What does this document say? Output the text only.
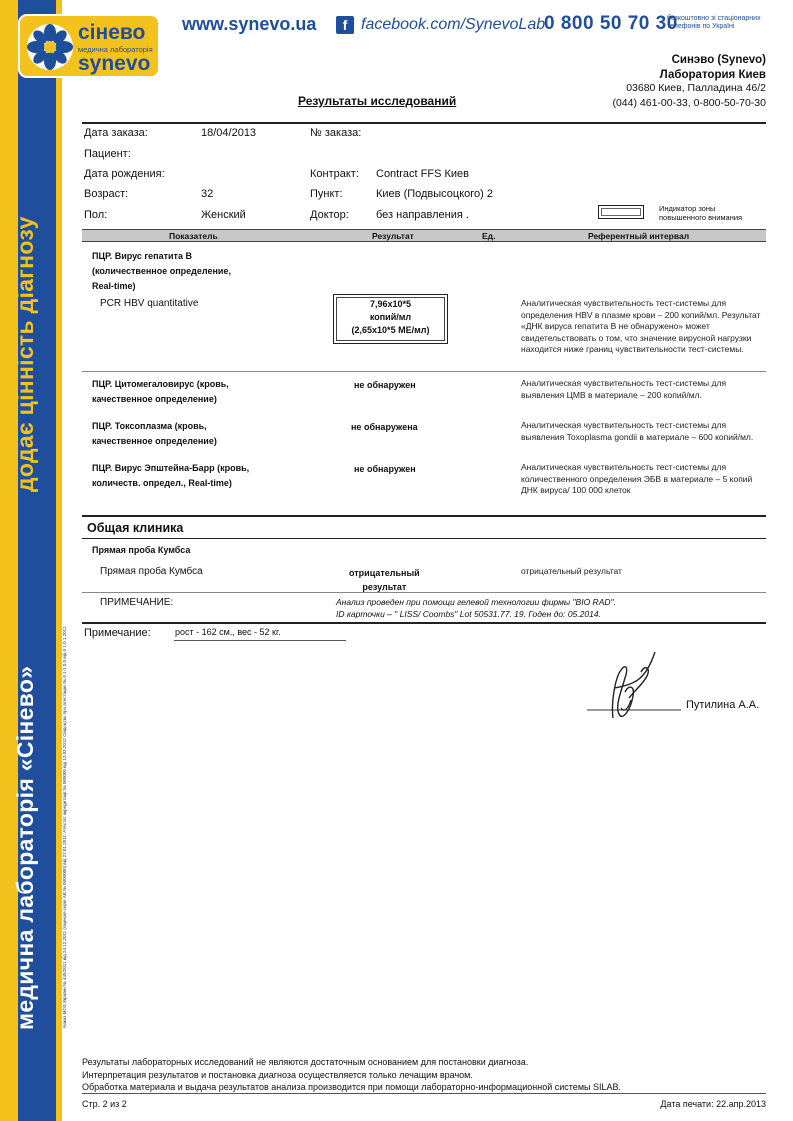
додає цінність діагнозу
медична лабораторія «Сінево»	Наказ МОЗ України № 445/2011 від 24.12.2011 (ліцензія серія АВ № 0000000) від 27.01.2011, Атестат акредитації № 000000 від 12.03.2012 Свідоцтво про атестацію № 0 1-1 0 0 від 0 1.0 1.2012
сінево
медична лабораторія
synevo
www.synevo.ua	f facebook.com/SynevoLab
0 800 50 70 30
безкоштовно зі стаціонарних телефонів по Україні
Синэво (Synevo)
Лаборатория Киев
03680 Киев, Палладина 46/2
(044) 461-00-33, 0-800-50-70-30
Результаты исследований
Дата заказа:	18/04/2013	№ заказа:
Пациент:
Дата рождения:	Контракт: Contract FFS Киев
Возраст:	32	Пункт:	Киев (Подвысоцкого) 2
Пол:	Женский	Доктор: без направления .
Индикатор зоны повышенного внимания
Показатель	Результат	Ед.	Референтный интервал
ПЦР. Вирус гепатита В
(количественное определение,
Real-time)
PCR HBV quantitative	7,96x10*5
копий/мл
(2,65x10*5 МЕ/мл)
Аналитическая чувствительность тест-системы для определения HBV в плазме крови – 200 копий/мл. Результат «ДНК вируса гепатита В не обнаружено» может свидетельствовать о том, что значение вирусной нагрузки находится ниже границ чувствительности тест-системы.
ПЦР. Цитомегаловирус (кровь,
качественное определение)
не обнаружен	Аналитическая чувствительность тест-системы для выявления ЦМВ в материале – 200 копий/мл.
ПЦР. Токсоплазма (кровь,
качественное определение)
не обнаружена	Аналитическая чувствительность тест-системы для выявления Toxoplasma gondii в материале – 600 копий/мл.
ПЦР. Вирус Эпштейна-Барр (кровь,
количеств. определ., Real-time)
не обнаружен	Аналитическая чувствительность тест-системы для количественного определения ЭБВ в материале – 5 копий ДНК вируса/ 100 000 клеток
Общая клиника
Прямая проба Кумбса
Прямая проба Кумбса	отрицательный
результат
отрицательный результат
ПРИМЕЧАНИЕ:	Анализ проведен при помощи гелевой технологии фирмы "BIO RAD".
ID карточки – " LISS/ Coombs" Lot 50531.77. 19. Годен до: 05.2014.
Примечание:	рост - 162 см., вес - 52 кг.
Путилина А.А.
Результаты лабораторных исследований не являются достаточным основанием для постановки диагноза.
Интерпретация результатов и постановка диагноза осуществляется только лечащим врачом.
Обработка материала и выдача результатов анализа производится при помощи лабораторно-информационной системы SILAB.
Стр. 2 из 2	Дата печати: 22.апр.2013
